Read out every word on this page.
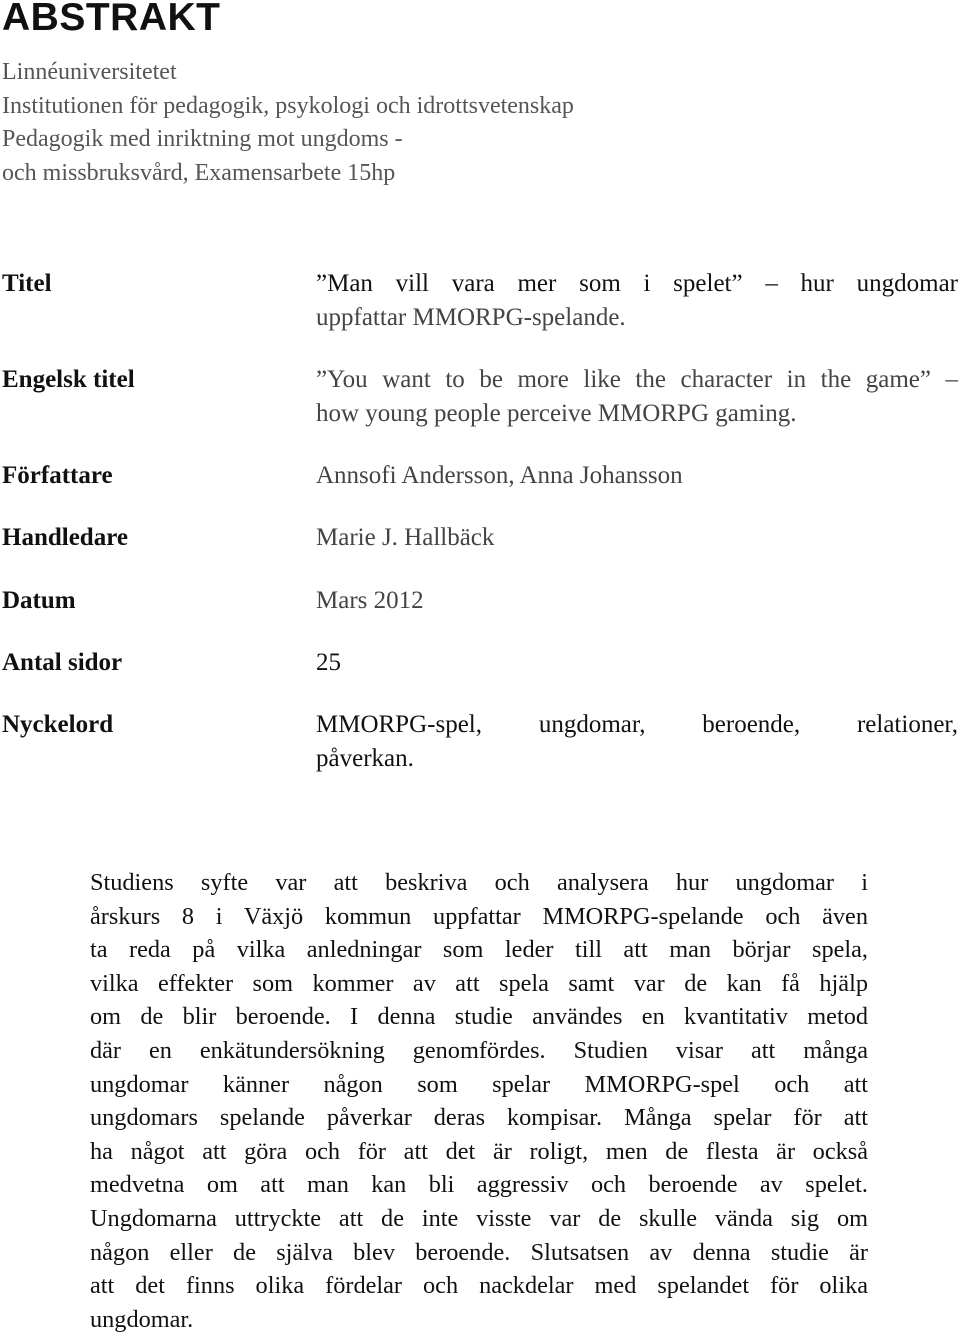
ABSTRAKT
Linnéuniversitetet
Institutionen för pedagogik, psykologi och idrottsvetenskap
Pedagogik med inriktning mot ungdoms -
och missbruksvård, Examensarbete 15hp
Titel	”Man vill vara mer som i spelet” – hur ungdomar
uppfattar MMORPG-spelande.
Engelsk titel	”You want to be more like the character in the game” –
how young people perceive MMORPG gaming.
Författare	Annsofi Andersson, Anna Johansson
Handledare	Marie J. Hallbäck
Datum	Mars 2012
Antal sidor	25
Nyckelord	MMORPG-spel, ungdomar, beroende, relationer,
påverkan.
Studiens syfte var att beskriva och analysera hur ungdomar i
årskurs 8 i Växjö kommun uppfattar MMORPG-spelande och även
ta reda på vilka anledningar som leder till att man börjar spela,
vilka effekter som kommer av att spela samt var de kan få hjälp
om de blir beroende. I denna studie användes en kvantitativ metod
där en enkätundersökning genomfördes. Studien visar att många
ungdomar känner någon som spelar MMORPG-spel och att
ungdomars spelande påverkar deras kompisar. Många spelar för att
ha något att göra och för att det är roligt, men de flesta är också
medvetna om att man kan bli aggressiv och beroende av spelet.
Ungdomarna uttryckte att de inte visste var de skulle vända sig om
någon eller de själva blev beroende. Slutsatsen av denna studie är
att det finns olika fördelar och nackdelar med spelandet för olika
ungdomar.
